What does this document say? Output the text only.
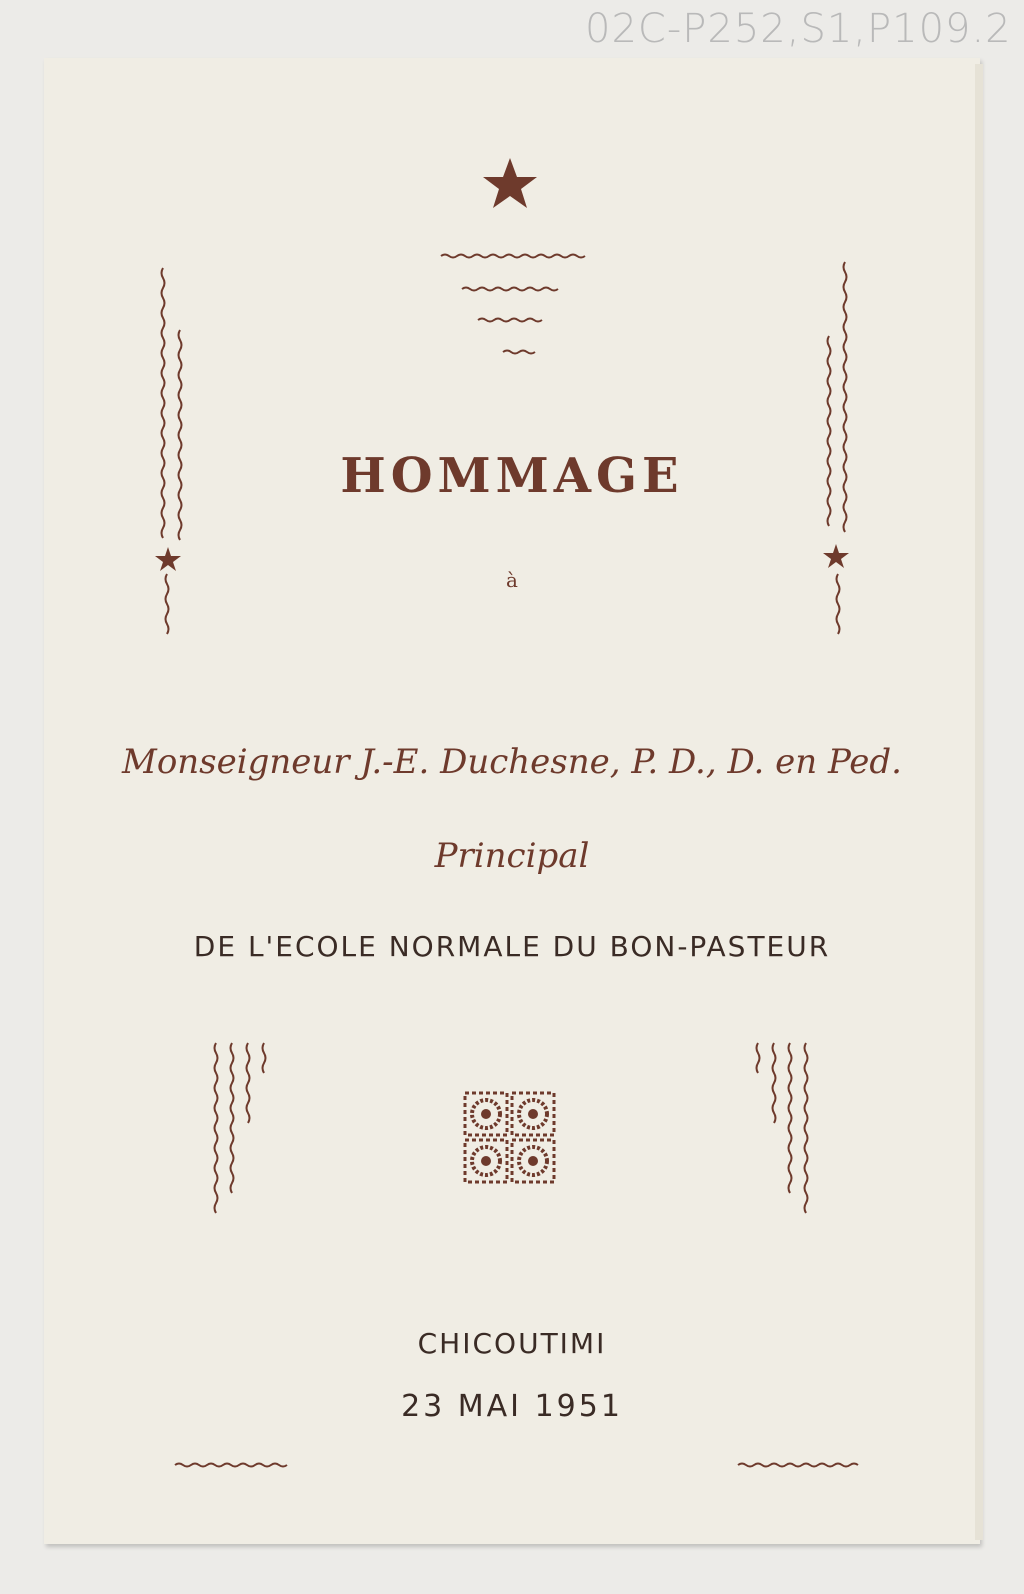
02C-P252,S1,P109.2
HOMMAGE
à
Monseigneur J.-E. Duchesne, P. D., D. en Ped.
Principal
DE L'ECOLE NORMALE DU BON-PASTEUR
CHICOUTIMI
23 MAI 1951
